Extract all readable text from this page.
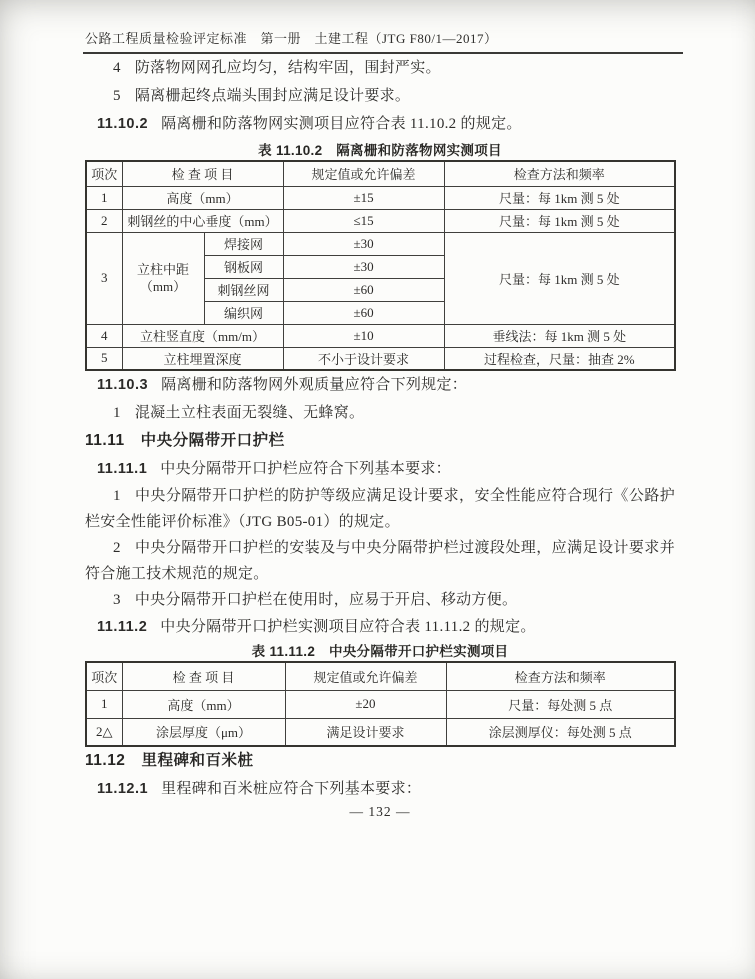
公路工程质量检验评定标准　第一册　土建工程（JTG F80/1—2017）

4 防落物网网孔应均匀，结构牢固，围封严实。

5 隔离栅起终点端头围封应满足设计要求。

11.10.2 隔离栅和防落物网实测项目应符合表 11.10.2 的规定。

表 11.10.2　隔离栅和防落物网实测项目
项次	检 查 项 目		规定值或允许偏差	检查方法和频率
1	高度（mm）		±15	尺量：每 1km 测 5 处
2	刺钢丝的中心垂度（mm）		≤15	尺量：每 1km 测 5 处
3	立柱中距
（mm）	焊接网	±30	尺量：每 1km 测 5 处
		钢板网	±30	
		刺钢丝网	±60	
		编织网	±60	
4	立柱竖直度（mm/m）		±10	垂线法：每 1km 测 5 处
5	立柱埋置深度		不小于设计要求	过程检查，尺量：抽查 2%

11.10.3 隔离栅和防落物网外观质量应符合下列规定：

1 混凝土立柱表面无裂缝、无蜂窝。

11.11 中央分隔带开口护栏

11.11.1 中央分隔带开口护栏应符合下列基本要求：

1 中央分隔带开口护栏的防护等级应满足设计要求，安全性能应符合现行《公路护栏安全性能评价标准》（JTG B05-01）的规定。

2 中央分隔带开口护栏的安装及与中央分隔带护栏过渡段处理，应满足设计要求并符合施工技术规范的规定。

3 中央分隔带开口护栏在使用时，应易于开启、移动方便。

11.11.2 中央分隔带开口护栏实测项目应符合表 11.11.2 的规定。

表 11.11.2　中央分隔带开口护栏实测项目
项次	检 查 项 目	规定值或允许偏差	检查方法和频率
1	高度（mm）	±20	尺量：每处测 5 点
2△	涂层厚度（μm）	满足设计要求	涂层测厚仪：每处测 5 点
11.12 里程碑和百米桩

11.12.1 里程碑和百米桩应符合下列基本要求：

— 132 —
